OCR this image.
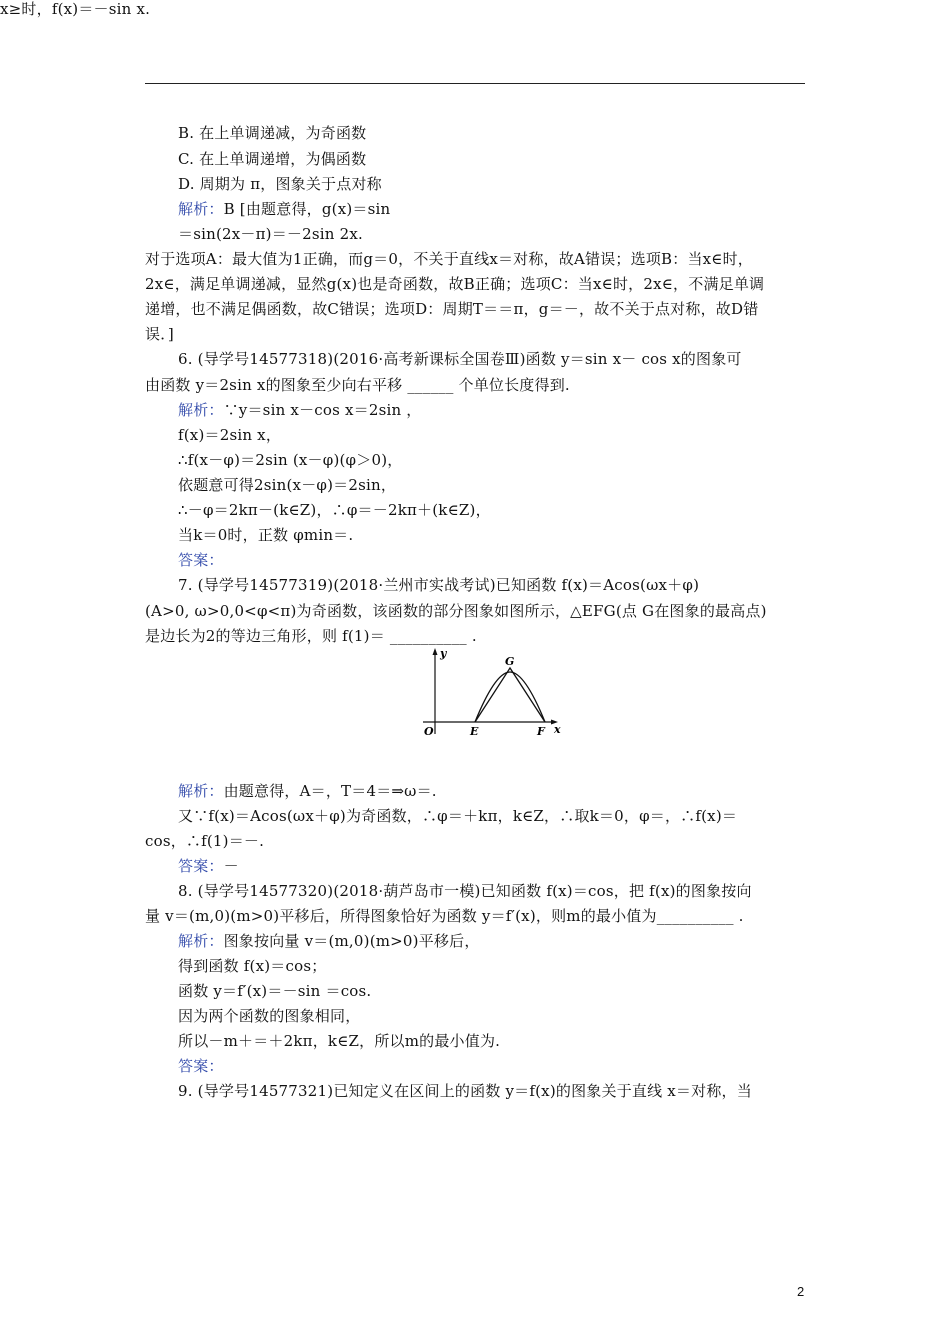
B. 在上单调递减，为奇函数
C. 在上单调递增，为偶函数
D. 周期为 π，图象关于点对称
解析：B [由题意得，g(x)＝sin
＝sin(2x－π)＝－2sin 2x.
对于选项A：最大值为1正确，而g＝0，不关于直线x＝对称，故A错误；选项B：当x∈时，
2x∈，满足单调递减，显然g(x)也是奇函数，故B正确；选项C：当x∈时，2x∈，不满足单调
递增，也不满足偶函数，故C错误；选项D：周期T＝＝π，g＝－，故不关于点对称，故D错
误．]
6. (导学号14577318)(2016·高考新课标全国卷Ⅲ)函数 y＝sin x－ cos x的图象可
由函数 y＝2sin x的图象至少向右平移 ______ 个单位长度得到.
解析：∵y＝sin x－cos x＝2sin ，
f(x)＝2sin x，
∴f(x－φ)＝2sin (x－φ)(φ＞0)，
依题意可得2sin(x－φ)＝2sin，
∴－φ＝2kπ－(k∈Z)，∴φ＝－2kπ＋(k∈Z)，
当k＝0时，正数 φmin＝.
答案：
7. (导学号14577319)(2018·兰州市实战考试)已知函数 f(x)＝Acos(ωx＋φ)
(A>0, ω>0,0<φ<π)为奇函数，该函数的部分图象如图所示，△EFG(点 G在图象的最高点)
是边长为2的等边三角形，则 f(1)＝ __________ .
解析：由题意得，A＝，T＝4＝⇒ω＝.
又∵f(x)＝Acos(ωx＋φ)为奇函数，∴φ＝＋kπ，k∈Z，∴取k＝0，φ＝，∴f(x)＝
cos，∴f(1)＝－.
答案：－
8. (导学号14577320)(2018·葫芦岛市一模)已知函数 f(x)＝cos，把 f(x)的图象按向
量 v＝(m,0)(m>0)平移后，所得图象恰好为函数 y＝f′(x)，则m的最小值为__________ .
解析：图象按向量 v＝(m,0)(m>0)平移后，
得到函数 f(x)＝cos；
函数 y＝f′(x)＝－sin ＝cos.
因为两个函数的图象相同，
所以－m＋＝＋2kπ，k∈Z，所以m的最小值为.
答案：
9. (导学号14577321)已知定义在区间上的函数 y＝f(x)的图象关于直线 x＝对称，当
x≥时，f(x)＝－sin x.
y
x
O	E	F
G
2
